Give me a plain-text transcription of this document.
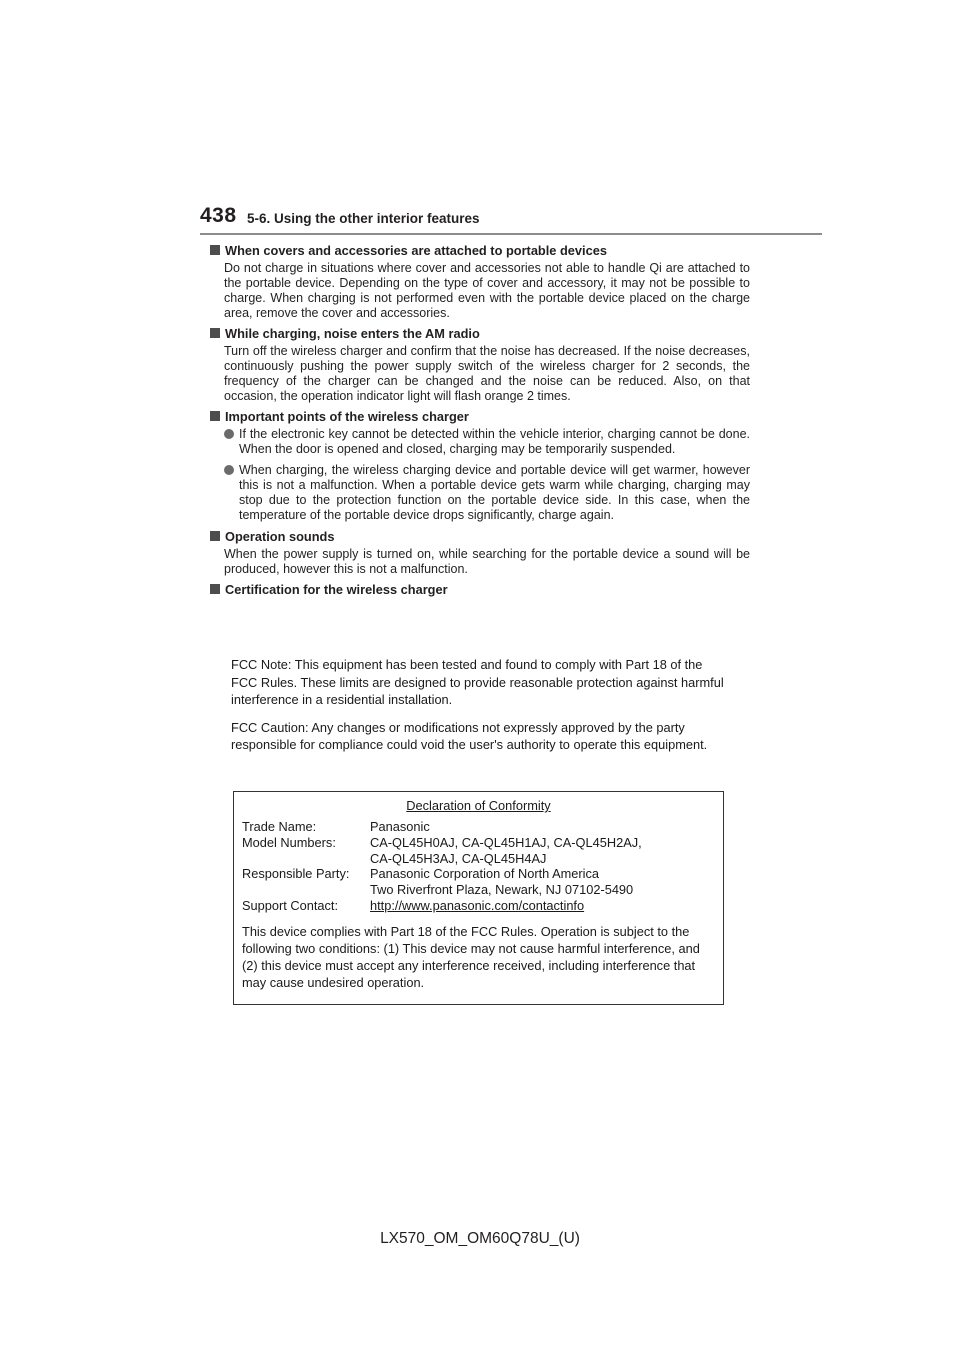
438 5-6. Using the other interior features
When covers and accessories are attached to portable devices
Do not charge in situations where cover and accessories not able to handle Qi are attached to the portable device. Depending on the type of cover and accessory, it may not be possible to charge. When charging is not performed even with the portable device placed on the charge area, remove the cover and accessories.
While charging, noise enters the AM radio
Turn off the wireless charger and confirm that the noise has decreased. If the noise decreases, continuously pushing the power supply switch of the wireless charger for 2 seconds, the frequency of the charger can be changed and the noise can be reduced. Also, on that occasion, the operation indicator light will flash orange 2 times.
Important points of the wireless charger
If the electronic key cannot be detected within the vehicle interior, charging cannot be done. When the door is opened and closed, charging may be temporarily suspended.
When charging, the wireless charging device and portable device will get warmer, however this is not a malfunction. When a portable device gets warm while charging, charging may stop due to the protection function on the portable device side. In this case, when the temperature of the portable device drops significantly, charge again.
Operation sounds
When the power supply is turned on, while searching for the portable device a sound will be produced, however this is not a malfunction.
Certification for the wireless charger

FCC Note: This equipment has been tested and found to comply with Part 18 of the FCC Rules. These limits are designed to provide reasonable protection against harmful interference in a residential installation.

FCC Caution: Any changes or modifications not expressly approved by the party responsible for compliance could void the user's authority to operate this equipment.

Declaration of Conformity
Trade Name:	Panasonic
Model Numbers:	CA-QL45H0AJ, CA-QL45H1AJ, CA-QL45H2AJ,
CA-QL45H3AJ, CA-QL45H4AJ
Responsible Party:	Panasonic Corporation of North America
Two Riverfront Plaza, Newark, NJ 07102-5490
Support Contact:	http://www.panasonic.com/contactinfo
This device complies with Part 18 of the FCC Rules. Operation is subject to the following two conditions: (1) This device may not cause harmful interference, and (2) this device must accept any interference received, including interference that may cause undesired operation.
LX570_OM_OM60Q78U_(U)
